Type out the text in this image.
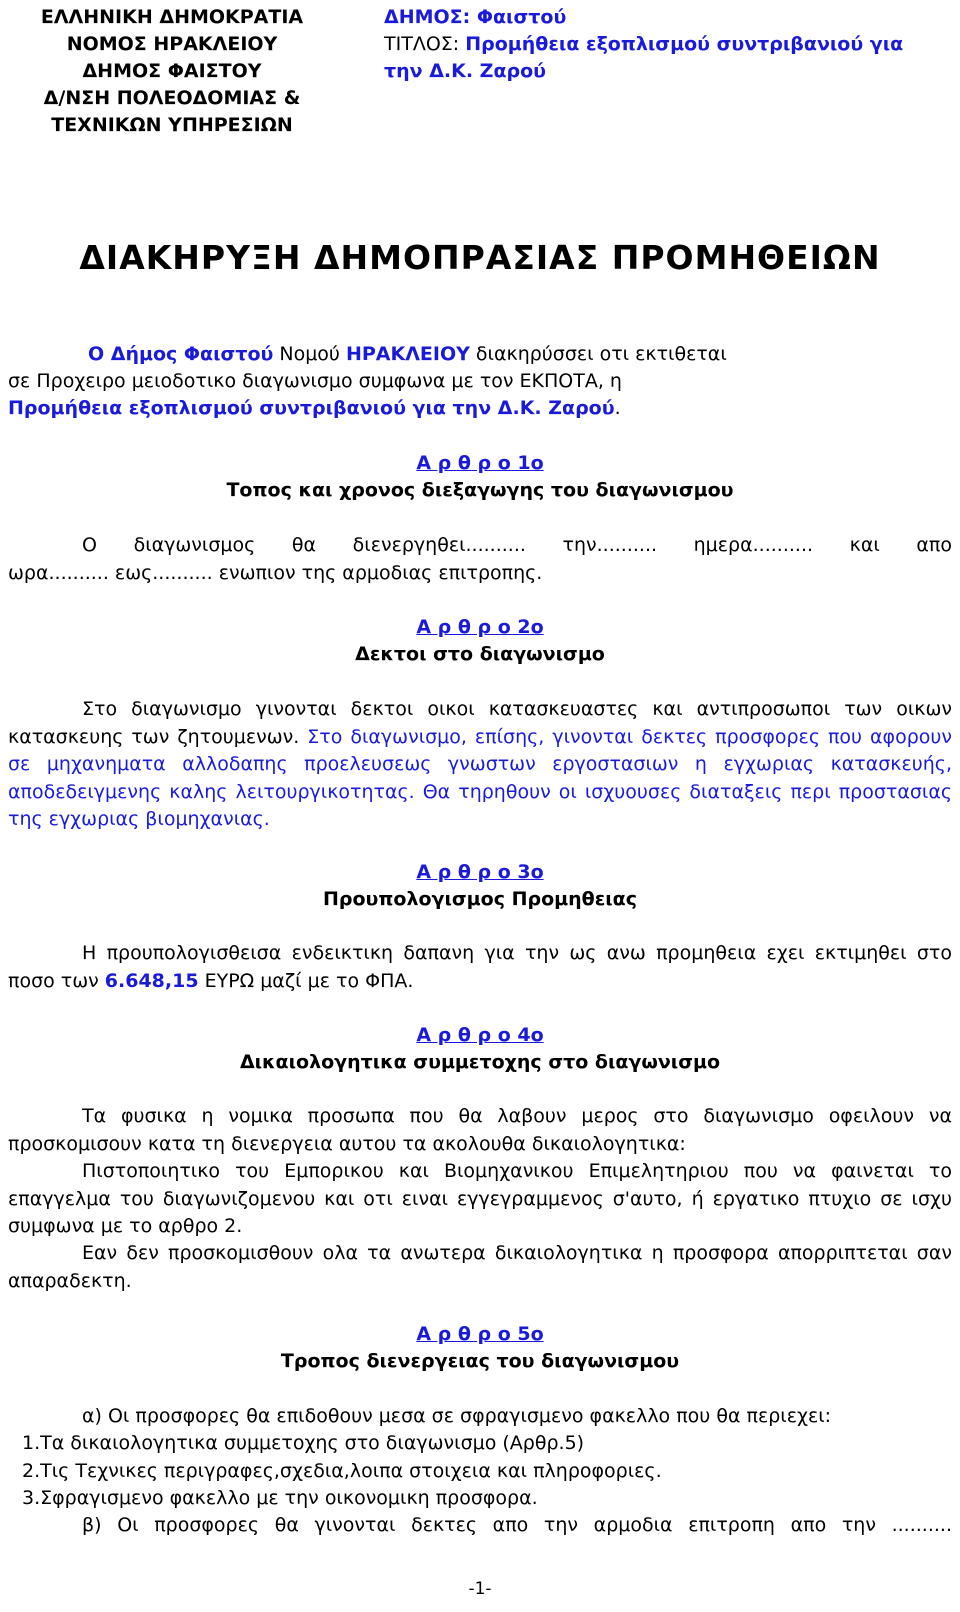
ΕΛΛΗΝΙΚΗ ΔΗΜΟΚΡΑΤΙΑ
ΝΟΜΟΣ ΗΡΑΚΛΕΙΟΥ
ΔΗΜΟΣ ΦΑΙΣΤΟΥ
Δ/ΝΣΗ ΠΟΛΕΟΔΟΜΙΑΣ &
ΤΕΧΝΙΚΩΝ ΥΠΗΡΕΣΙΩΝ
ΔΗΜΟΣ: Φαιστού
ΤΙΤΛΟΣ: Προμήθεια εξοπλισμού συντριβανιού για
την Δ.Κ. Ζαρού
ΔΙΑΚΗΡΥΞΗ ΔΗΜΟΠΡΑΣΙΑΣ ΠΡΟΜΗΘΕΙΩΝ
Ο Δήμος Φαιστού Νομού ΗΡΑΚΛΕΙΟΥ διακηρύσσει οτι εκτιθεται
σε Προχειρο μειοδοτικο διαγωνισμο συμφωνα με τον ΕΚΠΟΤΑ, η
Προμήθεια εξοπλισμού συντριβανιού για την Δ.Κ. Ζαρού.
Α ρ θ ρ ο 1ο
Τοπος και χρονος διεξαγωγης του διαγωνισμου
Ο διαγωνισμος θα διενεργηθει.......... την.......... ημερα.......... και απο
ωρα.......... εως.......... ενωπιον της αρμοδιας επιτροπης.
Α ρ θ ρ ο 2ο
Δεκτοι στο διαγωνισμο
Στο διαγωνισμο γινονται δεκτοι οικοι κατασκευαστες και αντιπροσωποι των οικων κατασκευης των ζητουμενων. Στο διαγωνισμο, επίσης, γινονται δεκτες προσφορες που αφορουν σε μηχανηματα αλλοδαπης προελευσεως γνωστων εργοστασιων η εγχωριας κατασκευής, αποδεδειγμενης καλης λειτουργικοτητας. Θα τηρηθουν οι ισχυουσες διαταξεις περι προστασιας της εγχωριας βιομηχανιας.
Α ρ θ ρ ο 3ο
Προυπολογισμος Προμηθειας
Η προυπολογισθεισα ενδεικτικη δαπανη για την ως ανω προμηθεια εχει εκτιμηθει στο ποσο των 6.648,15 ΕΥΡΩ μαζί με το ΦΠΑ.
Α ρ θ ρ ο 4ο
Δικαιολογητικα συμμετοχης στο διαγωνισμο
Τα φυσικα η νομικα προσωπα που θα λαβουν μερος στο διαγωνισμο οφειλουν να προσκομισουν κατα τη διενεργεια αυτου τα ακολουθα δικαιολογητικα:
Πιστοποιητικο του Εμπορικου και Βιομηχανικου Επιμελητηριου που να φαινεται το επαγγελμα του διαγωνιζομενου και οτι ειναι εγγεγραμμενος σ'αυτο, ή εργατικο πτυχιο σε ισχυ συμφωνα με το αρθρο 2.
Εαν δεν προσκομισθουν ολα τα ανωτερα δικαιολογητικα η προσφορα απορριπτεται σαν απαραδεκτη.
Α ρ θ ρ ο 5ο
Τροπος διενεργειας του διαγωνισμου
α) Οι προσφορες θα επιδοθουν μεσα σε σφραγισμενο φακελλο που θα περιεχει:
1.Τα δικαιολογητικα συμμετοχης στο διαγωνισμο (Αρθρ.5)
2.Τις Τεχνικες περιγραφες,σχεδια,λοιπα στοιχεια και πληροφοριες.
3.Σφραγισμενο φακελλο με την οικονομικη προσφορα.
β) Οι προσφορες θα γινονται δεκτες απο την αρμοδια επιτροπη απο την ..........
-1-
